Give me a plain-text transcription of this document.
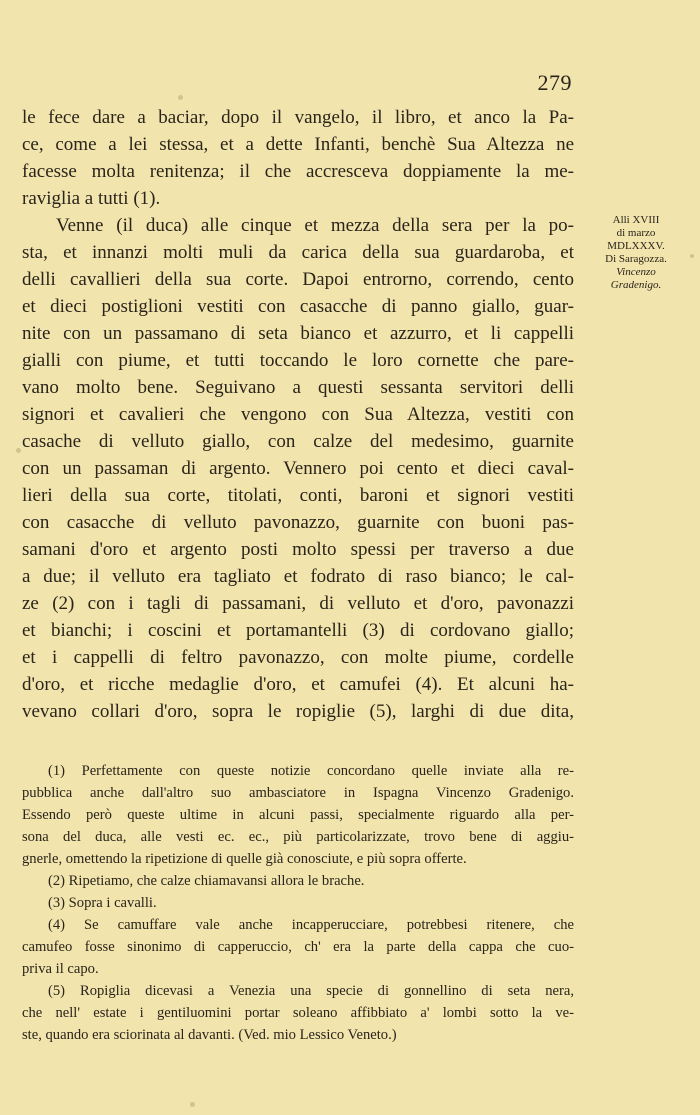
279
le fece dare a baciar, dopo il vangelo, il libro, et anco la Pa-
ce, come a lei stessa, et a dette Infanti, benchè Sua Altezza ne
facesse molta renitenza; il che accresceva doppiamente la me-
raviglia a tutti (1).
Venne (il duca) alle cinque et mezza della sera per la po-
sta, et innanzi molti muli da carica della sua guardaroba, et
delli cavallieri della sua corte. Dapoi entrorno, correndo, cento
et dieci postiglioni vestiti con casacche di panno giallo, guar-
nite con un passamano di seta bianco et azzurro, et li cappelli
gialli con piume, et tutti toccando le loro cornette che pare-
vano molto bene. Seguivano a questi sessanta servitori delli
signori et cavalieri che vengono con Sua Altezza, vestiti con
casache di velluto giallo, con calze del medesimo, guarnite
con un passaman di argento. Vennero poi cento et dieci caval-
lieri della sua corte, titolati, conti, baroni et signori vestiti
con casacche di velluto pavonazzo, guarnite con buoni pas-
samani d'oro et argento posti molto spessi per traverso a due
a due; il velluto era tagliato et fodrato di raso bianco; le cal-
ze (2) con i tagli di passamani, di velluto et d'oro, pavonazzi
et bianchi; i coscini et portamantelli (3) di cordovano giallo;
et i cappelli di feltro pavonazzo, con molte piume, cordelle
d'oro, et ricche medaglie d'oro, et camufei (4). Et alcuni ha-
vevano collari d'oro, sopra le ropiglie (5), larghi di due dita,
Alli XVIII
di marzo
MDLXXXV.
Di Saragozza.
Vincenzo
Gradenigo.
(1) Perfettamente con queste notizie concordano quelle inviate alla re-
pubblica anche dall'altro suo ambasciatore in Ispagna Vincenzo Gradenigo.
Essendo però queste ultime in alcuni passi, specialmente riguardo alla per-
sona del duca, alle vesti ec. ec., più particolarizzate, trovo bene di aggiu-
gnerle, omettendo la ripetizione di quelle già conosciute, e più sopra offerte.
(2) Ripetiamo, che calze chiamavansi allora le brache.
(3) Sopra i cavalli.
(4) Se camuffare vale anche incapperucciare, potrebbesi ritenere, che
camufeo fosse sinonimo di capperuccio, ch' era la parte della cappa che cuo-
priva il capo.
(5) Ropiglia dicevasi a Venezia una specie di gonnellino di seta nera,
che nell' estate i gentiluomini portar soleano affibbiato a' lombi sotto la ve-
ste, quando era sciorinata al davanti. (Ved. mio Lessico Veneto.)
